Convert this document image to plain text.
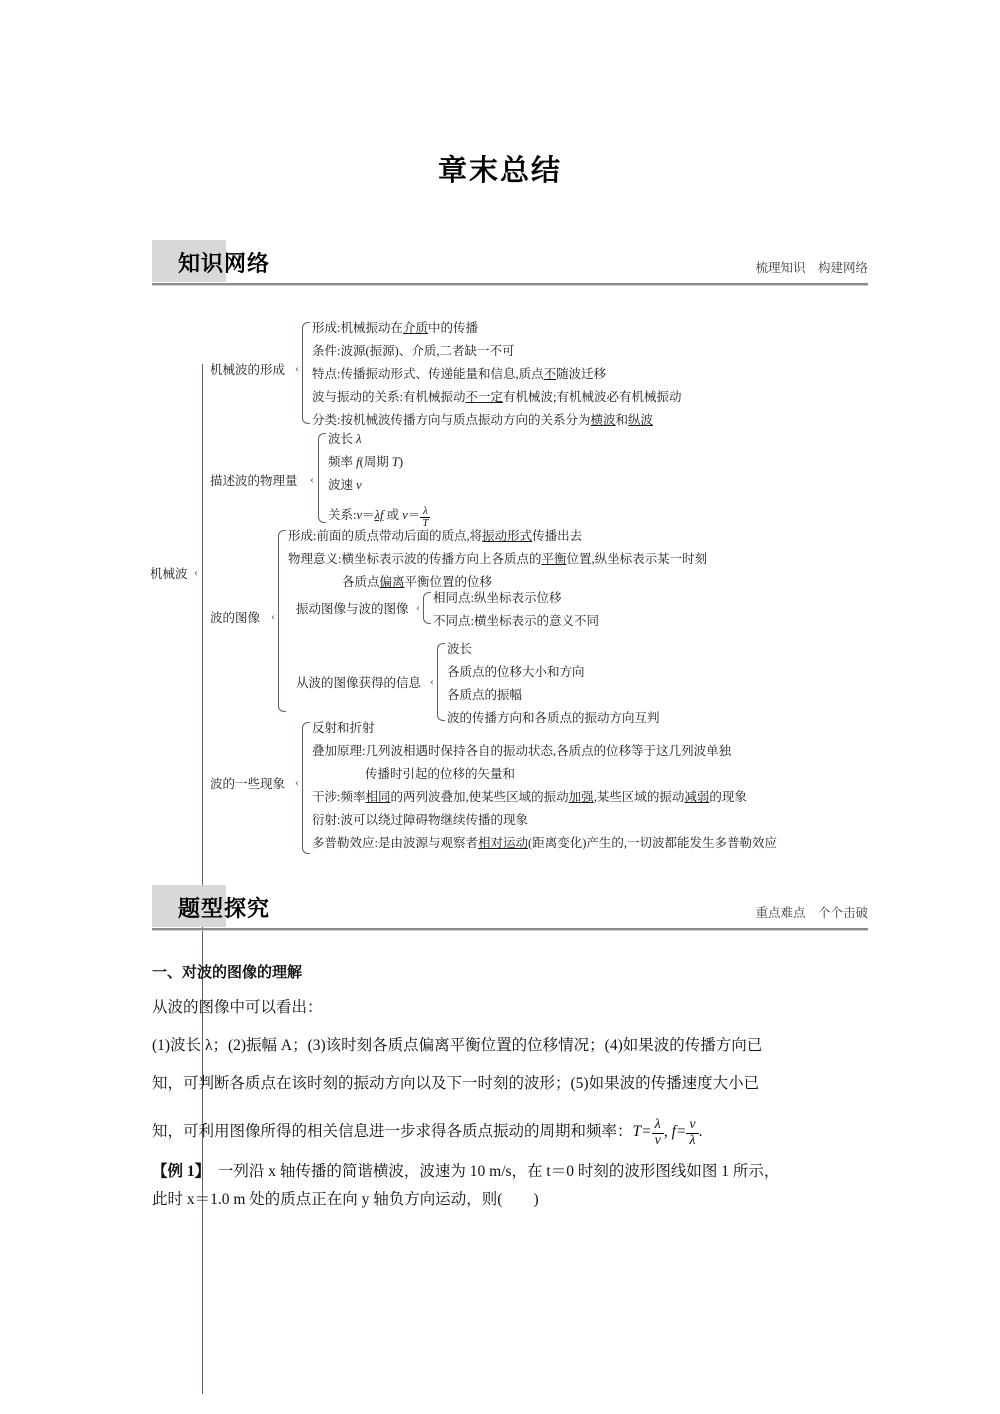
章末总结
知识网络	梳理知识　构建网络
机械波 ‹
机械波的形成 ‹
形成:机械振动在介质中的传播
条件:波源(振源)、介质,二者缺一不可
特点:传播振动形式、传递能量和信息,质点不随波迁移
波与振动的关系:有机械振动不一定有机械波;有机械波必有机械振动
分类:按机械波传播方向与质点振动方向的关系分为横波和纵波
描述波的物理量 ‹
波长 λ
频率 f(周期 T)
波速 v
关系:v＝λf 或 $v= \frac{\lambda}{T}$
波的图像 ‹
形成:前面的质点带动后面的质点,将振动形式传播出去
物理意义:横坐标表示波的传播方向上各质点的平衡位置,纵坐标表示某一时刻
各质点偏离平衡位置的位移
振动图像与波的图像 ‹
相同点:纵坐标表示位移
不同点:横坐标表示的意义不同
从波的图像获得的信息 ‹
波长
各质点的位移大小和方向
各质点的振幅
波的传播方向和各质点的振动方向互判
波的一些现象 ‹
反射和折射
叠加原理:几列波相遇时保持各自的振动状态,各质点的位移等于这几列波单独
传播时引起的位移的矢量和
干涉:频率相同的两列波叠加,使某些区域的振动加强,某些区域的振动减弱的现象
衍射:波可以绕过障碍物继续传播的现象
多普勒效应:是由波源与观察者相对运动(距离变化)产生的,一切波都能发生多普勒效应
题型探究	重点难点　个个击破
一、对波的图像的理解
从波的图像中可以看出：
(1)波长 λ；(2)振幅 A；(3)该时刻各质点偏离平衡位置的位移情况；(4)如果波的传播方向已
知，可判断各质点在该时刻的振动方向以及下一时刻的波形；(5)如果波的传播速度大小已
知，可利用图像所得的相关信息进一步求得各质点振动的周期和频率：$T= \frac{\lambda}{v}$ , $f= \frac{v}{\lambda}$ .
【例 1】 一列沿 x 轴传播的简谐横波，波速为 10 m/s，在 t＝0 时刻的波形图线如图 1 所示，
此时 x＝1.0 m 处的质点正在向 y 轴负方向运动，则(　　)
